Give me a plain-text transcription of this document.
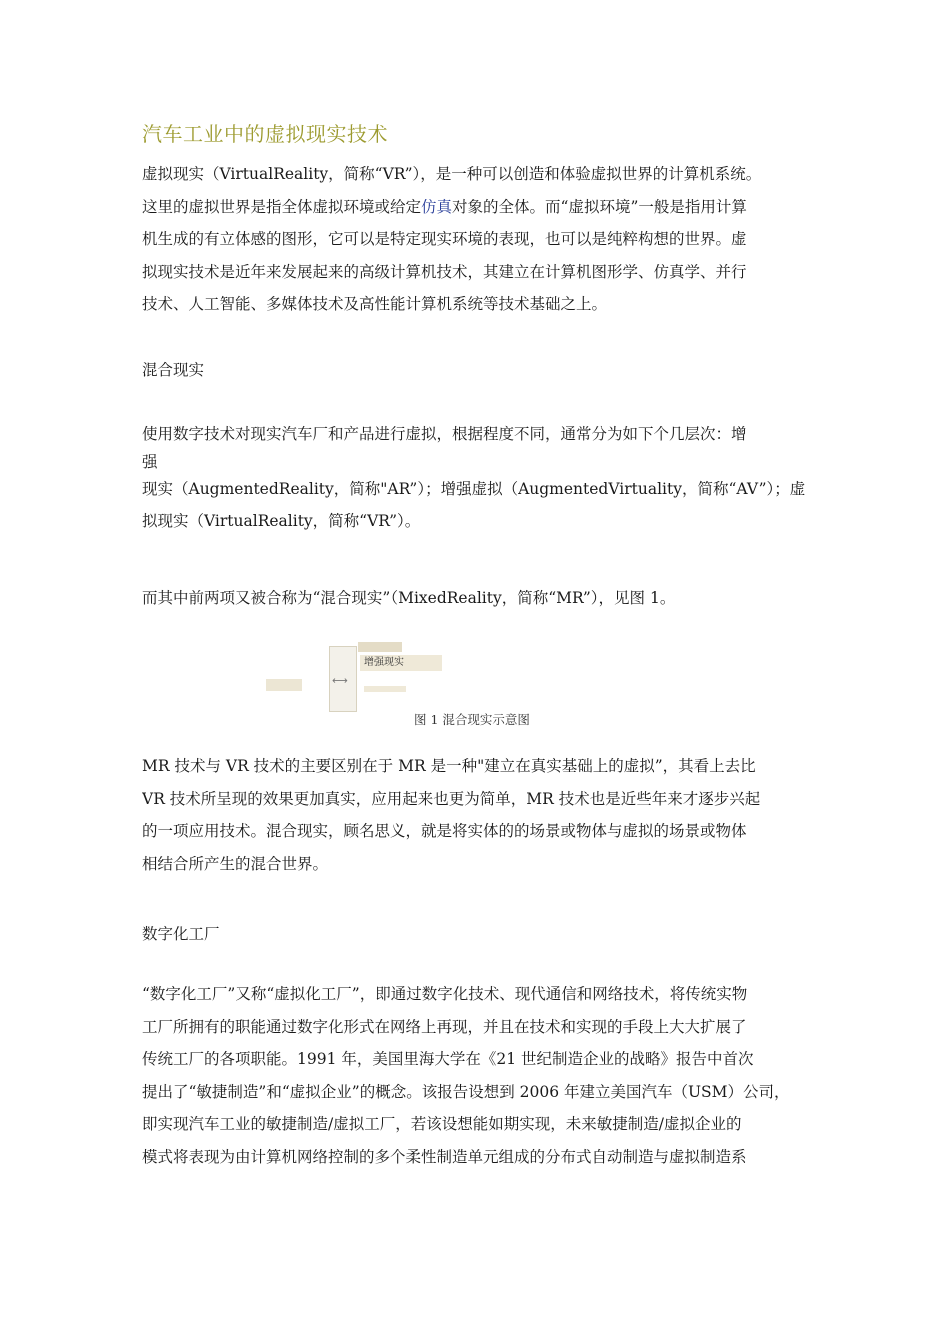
汽车工业中的虚拟现实技术
虚拟现实（VirtualReality，简称“VR”），是一种可以创造和体验虚拟世界的计算机系统。
这里的虚拟世界是指全体虚拟环境或给定仿真对象的全体。而“虚拟环境”一般是指用计算
机生成的有立体感的图形，它可以是特定现实环境的表现，也可以是纯粹构想的世界。虚
拟现实技术是近年来发展起来的高级计算机技术，其建立在计算机图形学、仿真学、并行
技术、人工智能、多媒体技术及高性能计算机系统等技术基础之上。
混合现实
使用数字技术对现实汽车厂和产品进行虚拟，根据程度不同，通常分为如下个几层次：增
强
现实（AugmentedReality，简称"AR”）；增强虚拟（AugmentedVirtuality，简称“AV”）；虚
拟现实（VirtualReality，简称“VR”）。
而其中前两项又被合称为“混合现实”（MixedReality，简称“MR”），见图 1。
⟷
增强现实
图 1 混合现实示意图
MR 技术与 VR 技术的主要区别在于 MR 是一种"建立在真实基础上的虚拟”，其看上去比
VR 技术所呈现的效果更加真实，应用起来也更为简单，MR 技术也是近些年来才逐步兴起
的一项应用技术。混合现实，顾名思义，就是将实体的的场景或物体与虚拟的场景或物体
相结合所产生的混合世界。
数字化工厂
“数字化工厂”又称“虚拟化工厂”，即通过数字化技术、现代通信和网络技术，将传统实物
工厂所拥有的职能通过数字化形式在网络上再现，并且在技术和实现的手段上大大扩展了
传统工厂的各项职能。1991 年，美国里海大学在《21 世纪制造企业的战略》报告中首次
提出了“敏捷制造”和“虚拟企业”的概念。该报告设想到 2006 年建立美国汽车（USM）公司，
即实现汽车工业的敏捷制造/虚拟工厂，若该设想能如期实现，未来敏捷制造/虚拟企业的
模式将表现为由计算机网络控制的多个柔性制造单元组成的分布式自动制造与虚拟制造系
